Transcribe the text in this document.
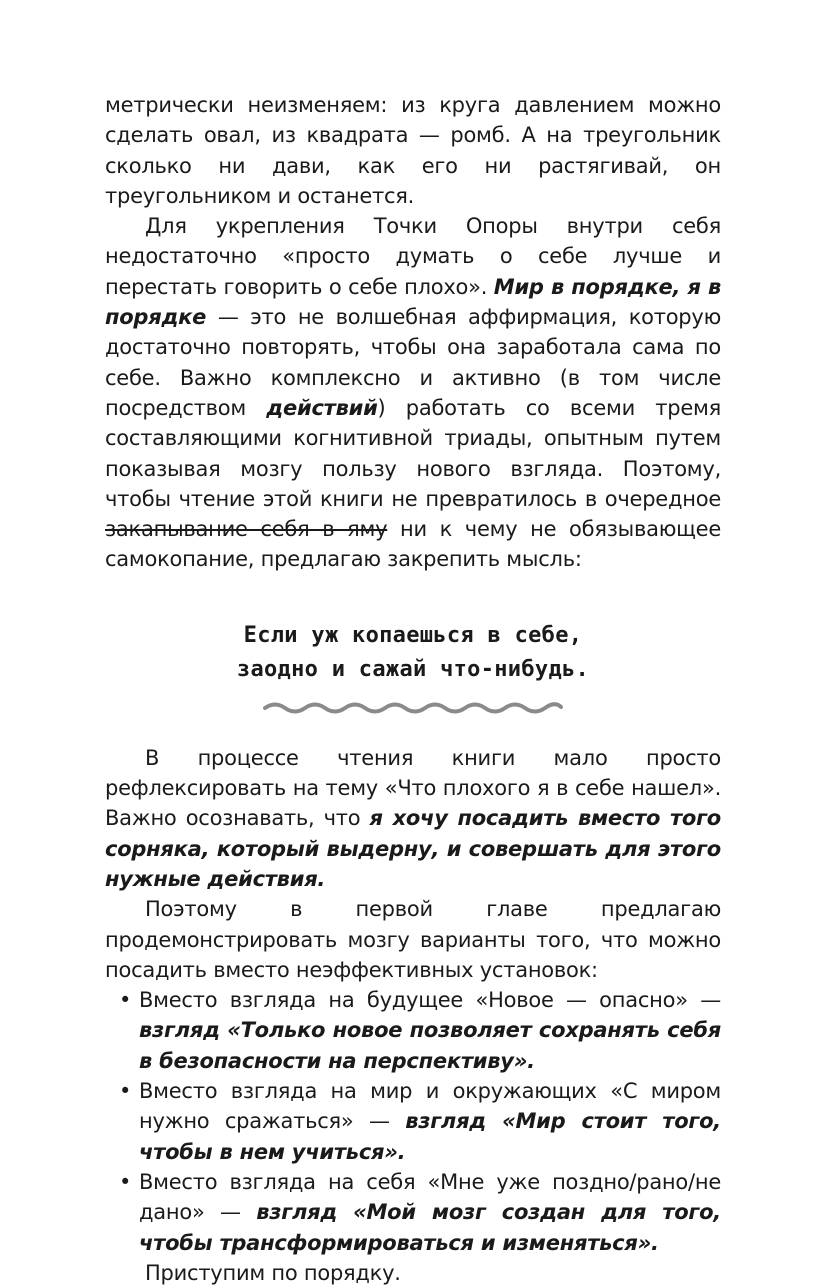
метрически неизменяем: из круга давлением можно сделать овал, из квадрата — ромб. А на треугольник сколько ни дави, как его ни растягивай, он треугольником и останется.

Для укрепления Точки Опоры внутри себя недостаточно «просто думать о себе лучше и перестать говорить о себе плохо». Мир в порядке, я в порядке — это не волшебная аффирмация, которую достаточно повторять, чтобы она заработала сама по себе. Важно комплексно и активно (в том числе посредством действий) работать со всеми тремя составляющими когнитивной триады, опытным путем показывая мозгу пользу нового взгляда. Поэтому, чтобы чтение этой книги не превратилось в очередное закапывание себя в яму ни к чему не обязывающее самокопание, предлагаю закрепить мысль:

Если уж копаешься в себе,
заодно и сажай что-нибудь.

В процессе чтения книги мало просто рефлексировать на тему «Что плохого я в себе нашел». Важно осознавать, что я хочу посадить вместо того сорняка, который выдерну, и совершать для этого нужные действия.

Поэтому в первой главе предлагаю продемонстрировать мозгу варианты того, что можно посадить вместо неэффективных установок:

• Вместо взгляда на будущее «Новое — опасно» — взгляд «Только новое позволяет сохранять себя в безопасности на перспективу».
• Вместо взгляда на мир и окружающих «С миром нужно сражаться» — взгляд «Мир стоит того, чтобы в нем учиться».
• Вместо взгляда на себя «Мне уже поздно/рано/не дано» — взгляд «Мой мозг создан для того, чтобы трансформироваться и изменяться».

Приступим по порядку.
